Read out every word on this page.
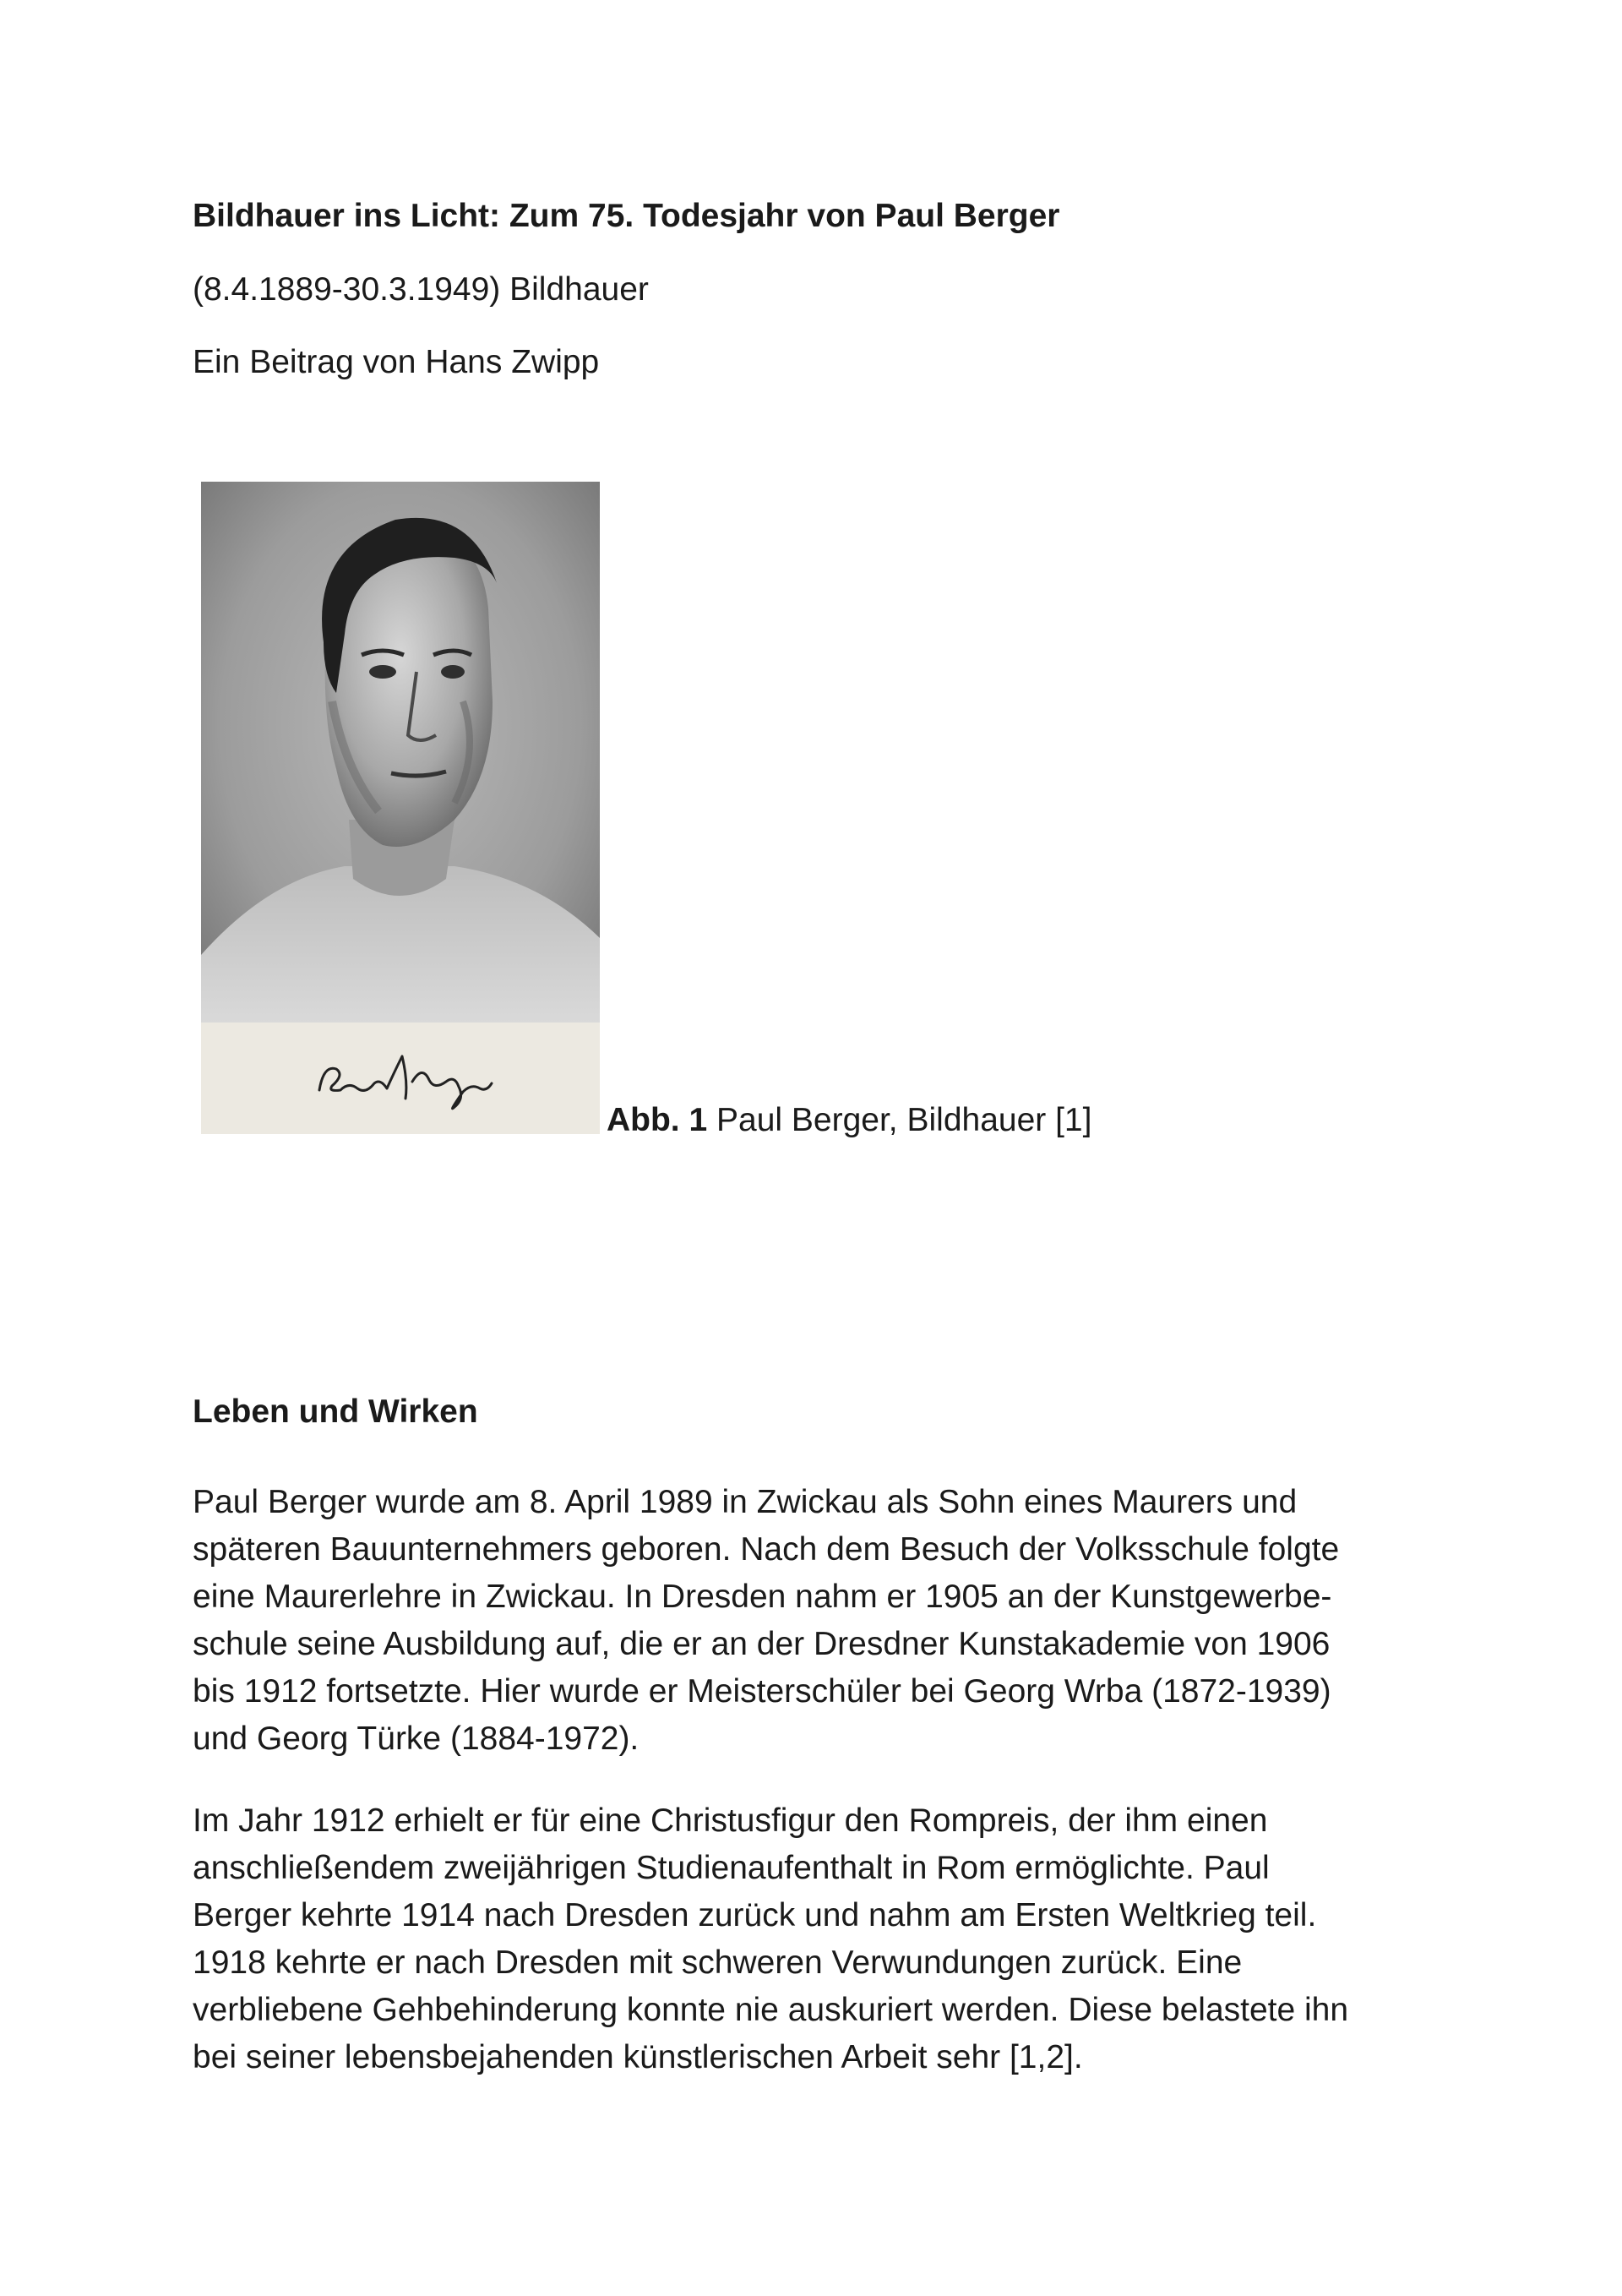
Bildhauer ins Licht: Zum 75. Todesjahr von Paul Berger
(8.4.1889-30.3.1949) Bildhauer
Ein Beitrag von Hans Zwipp
Abb. 1 Paul Berger, Bildhauer [1]
Leben und Wirken
Paul Berger wurde am 8. April 1989 in Zwickau als Sohn eines Maurers und
späteren Bauunternehmers geboren. Nach dem Besuch der Volksschule folgte
eine Maurerlehre in Zwickau. In Dresden nahm er 1905 an der Kunstgewerbe-
schule seine Ausbildung auf, die er an der Dresdner Kunstakademie von 1906
bis 1912 fortsetzte. Hier wurde er Meisterschüler bei Georg Wrba (1872-1939)
und Georg Türke (1884-1972).
Im Jahr 1912 erhielt er für eine Christusfigur den Rompreis, der ihm einen
anschließendem zweijährigen Studienaufenthalt in Rom ermöglichte. Paul
Berger kehrte 1914 nach Dresden zurück und nahm am Ersten Weltkrieg teil.
1918 kehrte er nach Dresden mit schweren Verwundungen zurück. Eine
verbliebene Gehbehinderung konnte nie auskuriert werden. Diese belastete ihn
bei seiner lebensbejahenden künstlerischen Arbeit sehr [1,2].
